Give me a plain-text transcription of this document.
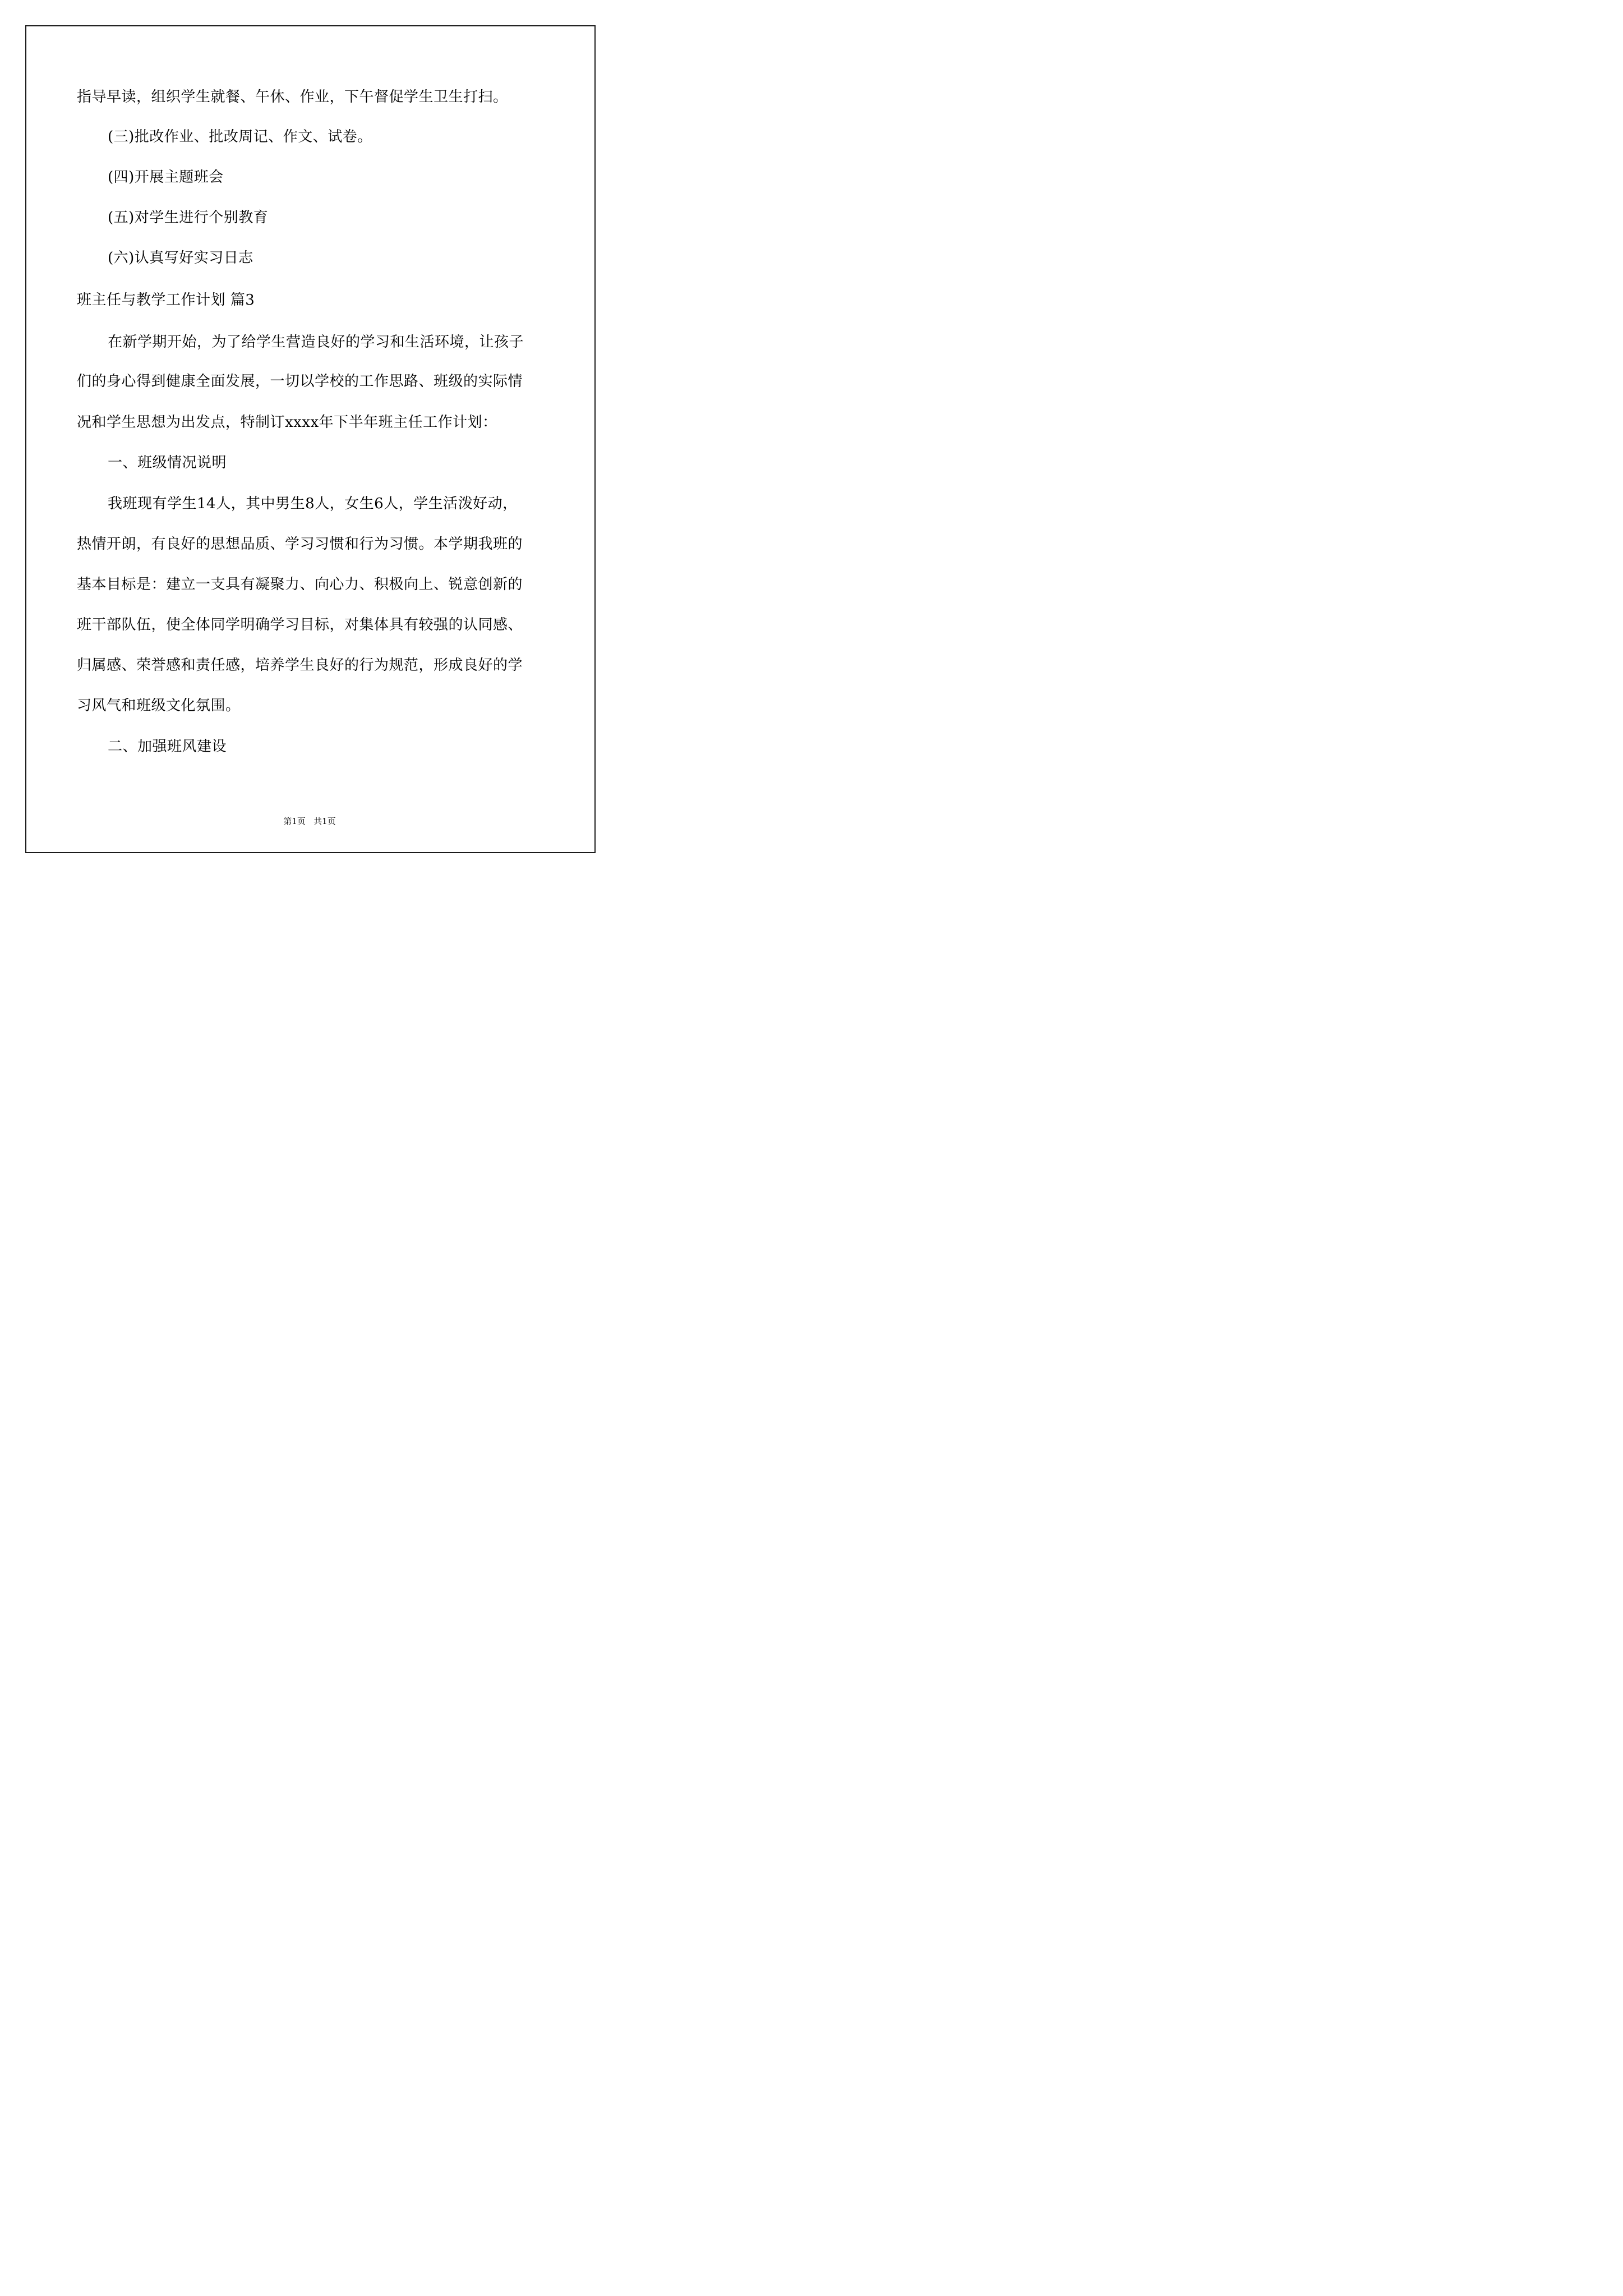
指导早读，组织学生就餐、午休、作业，下午督促学生卫生打扫。
(三)批改作业、批改周记、作文、试卷。
(四)开展主题班会
(五)对学生进行个别教育
(六)认真写好实习日志
班主任与教学工作计划 篇3
在新学期开始，为了给学生营造良好的学习和生活环境，让孩子
们的身心得到健康全面发展，一切以学校的工作思路、班级的实际情
况和学生思想为出发点，特制订xxxx年下半年班主任工作计划：
一、班级情况说明
我班现有学生14人，其中男生8人，女生6人，学生活泼好动，
热情开朗，有良好的思想品质、学习习惯和行为习惯。本学期我班的
基本目标是：建立一支具有凝聚力、向心力、积极向上、锐意创新的
班干部队伍，使全体同学明确学习目标，对集体具有较强的认同感、
归属感、荣誉感和责任感，培养学生良好的行为规范，形成良好的学
习风气和班级文化氛围。
二、加强班风建设
第1页   共1页
